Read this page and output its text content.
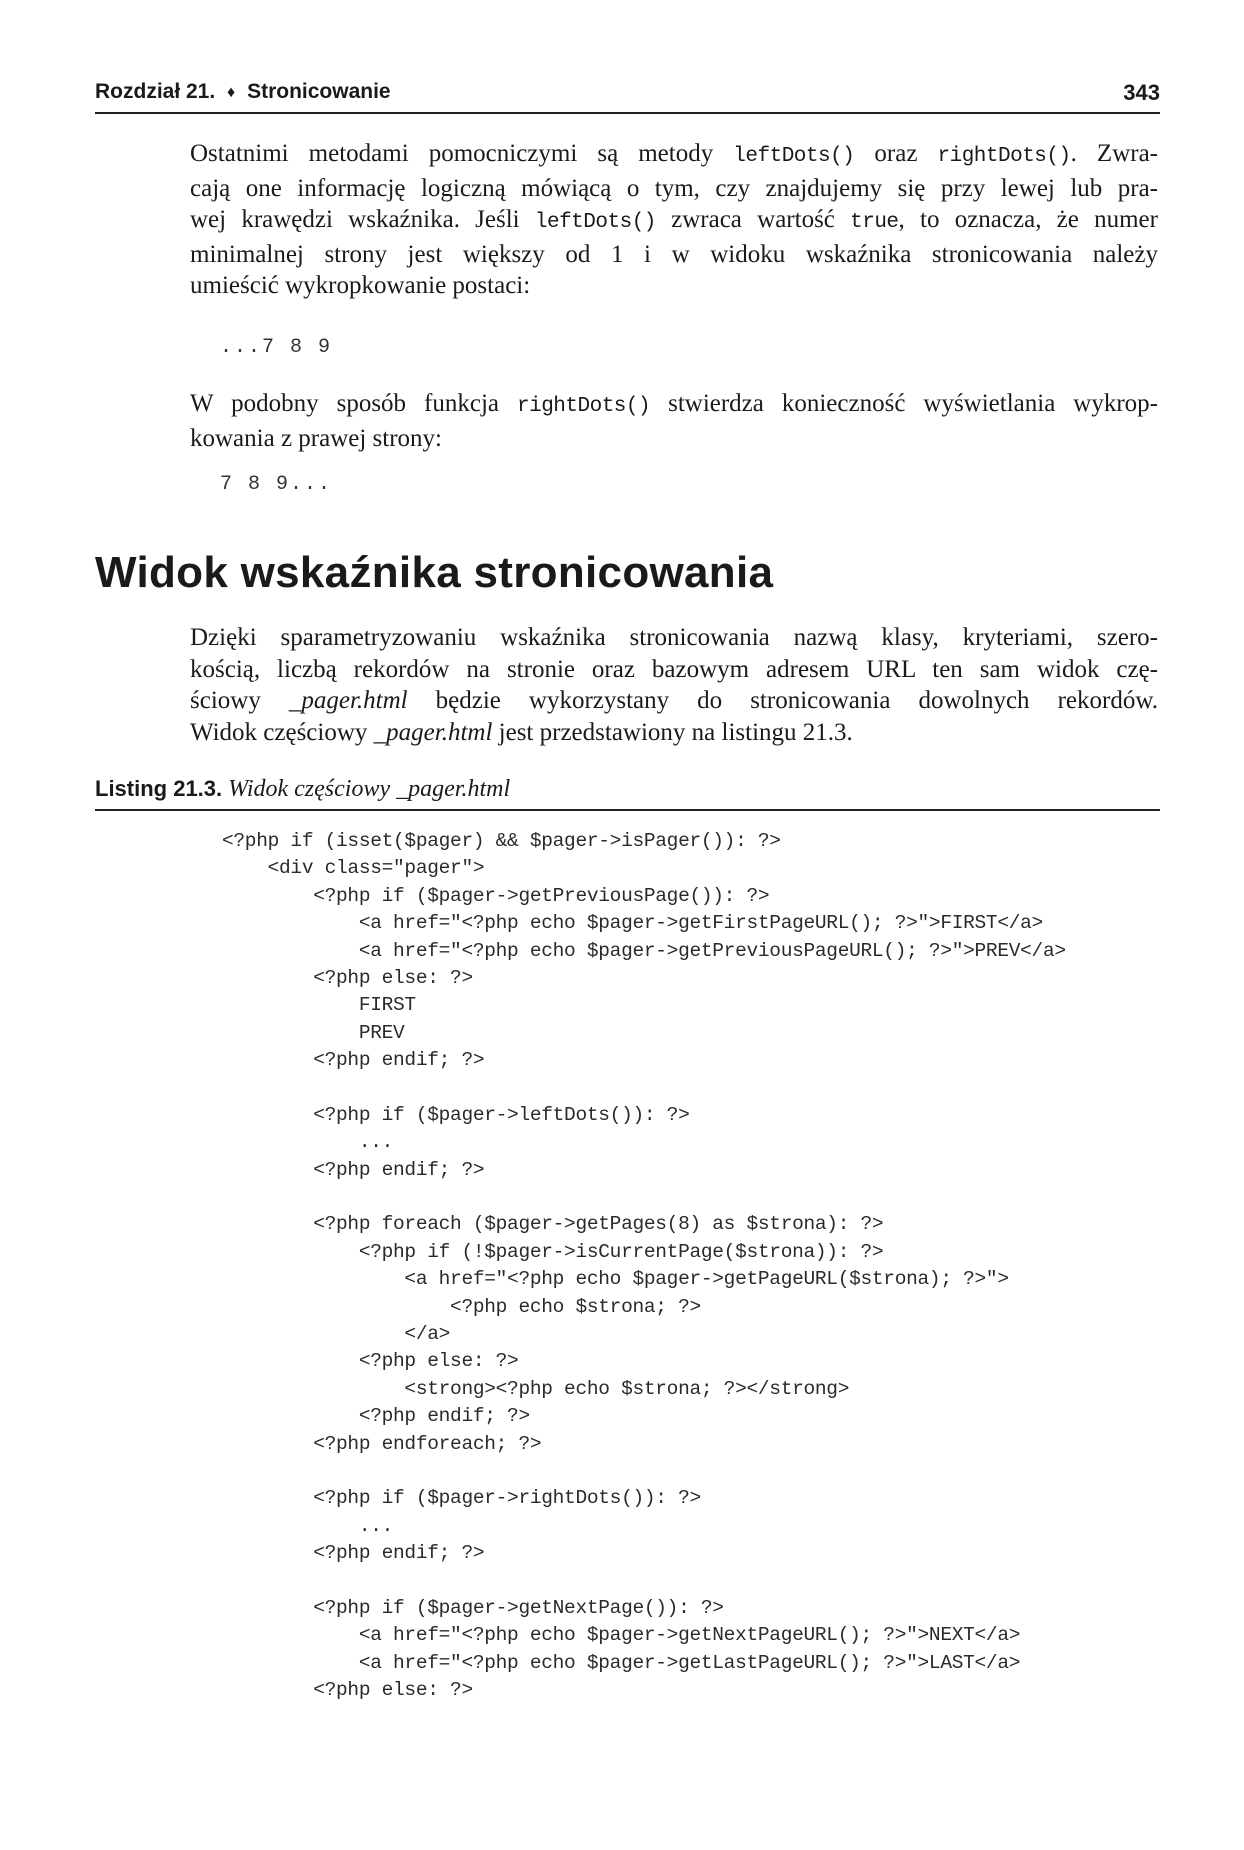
Rozdział 21. ♦ Stronicowanie	343
Ostatnimi metodami pomocniczymi są metody leftDots() oraz rightDots(). Zwra-
cają one informację logiczną mówiącą o tym, czy znajdujemy się przy lewej lub pra-
wej krawędzi wskaźnika. Jeśli leftDots() zwraca wartość true, to oznacza, że numer
minimalnej strony jest większy od 1 i w widoku wskaźnika stronicowania należy
umieścić wykropkowanie postaci:
...7 8 9
W podobny sposób funkcja rightDots() stwierdza konieczność wyświetlania wykrop-
kowania z prawej strony:
7 8 9...
Widok wskaźnika stronicowania
Dzięki sparametryzowaniu wskaźnika stronicowania nazwą klasy, kryteriami, szero-
kością, liczbą rekordów na stronie oraz bazowym adresem URL ten sam widok czę-
ściowy _pager.html będzie wykorzystany do stronicowania dowolnych rekordów.
Widok częściowy _pager.html jest przedstawiony na listingu 21.3.
Listing 21.3. Widok częściowy _pager.html
<?php if (isset($pager) && $pager->isPager()): ?>
<div class="pager">
<?php if ($pager->getPreviousPage()): ?>
<a href="<?php echo $pager->getFirstPageURL(); ?>">FIRST</a>
<a href="<?php echo $pager->getPreviousPageURL(); ?>">PREV</a>
<?php else: ?>
FIRST
PREV
<?php endif; ?>
<?php if ($pager->leftDots()): ?>
...
<?php endif; ?>
<?php foreach ($pager->getPages(8) as $strona): ?>
<?php if (!$pager->isCurrentPage($strona)): ?>
<a href="<?php echo $pager->getPageURL($strona); ?>">
<?php echo $strona; ?>
</a>
<?php else: ?>
<strong><?php echo $strona; ?></strong>
<?php endif; ?>
<?php endforeach; ?>
<?php if ($pager->rightDots()): ?>
...
<?php endif; ?>
<?php if ($pager->getNextPage()): ?>
<a href="<?php echo $pager->getNextPageURL(); ?>">NEXT</a>
<a href="<?php echo $pager->getLastPageURL(); ?>">LAST</a>
<?php else: ?>
